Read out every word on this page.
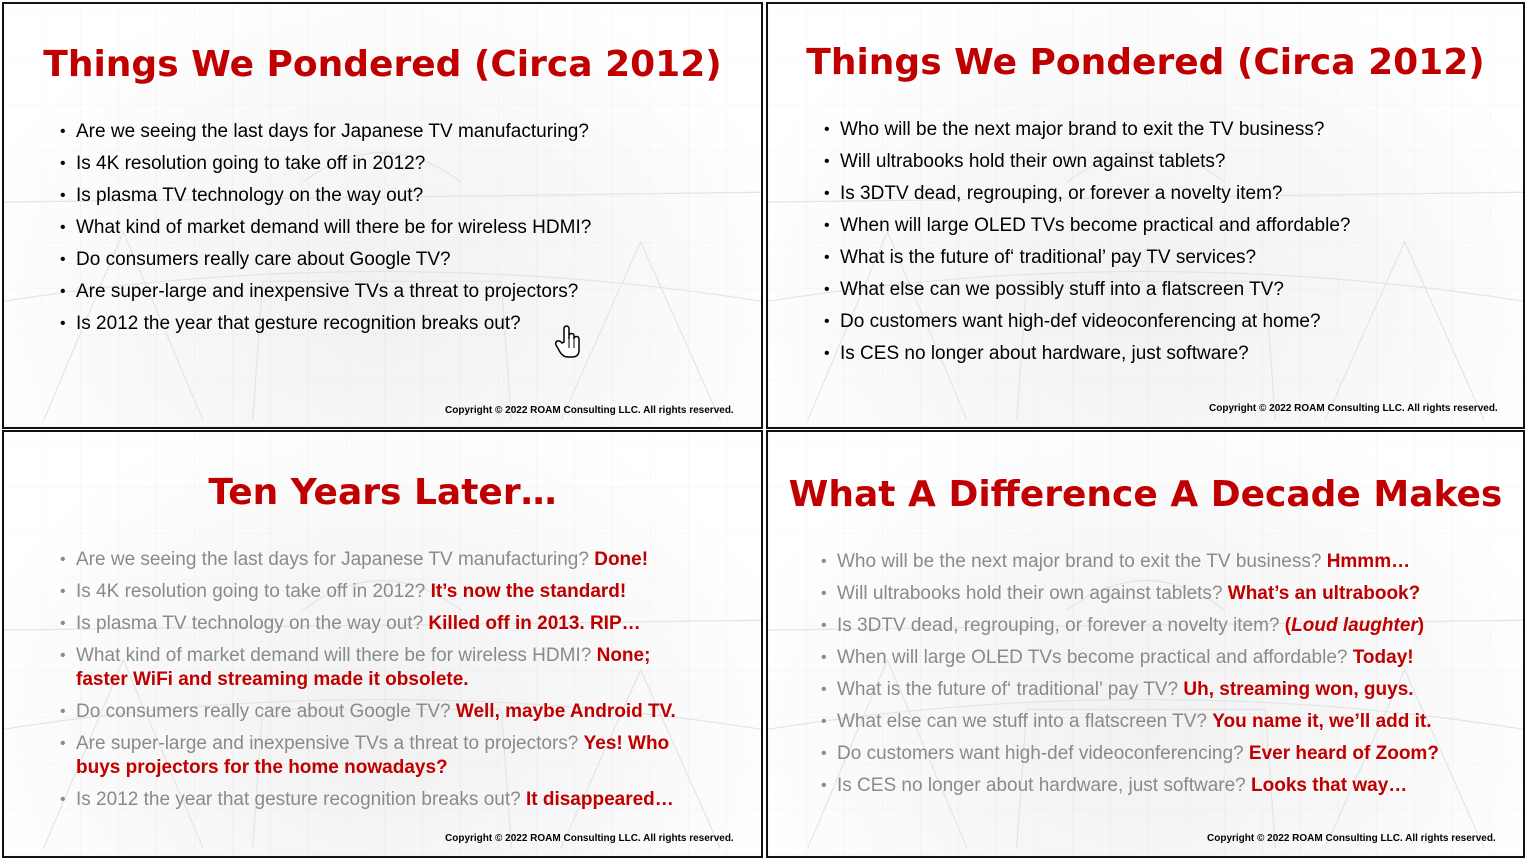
Things We Pondered (Circa 2012)
• Are we seeing the last days for Japanese TV manufacturing?
• Is 4K resolution going to take off in 2012?
• Is plasma TV technology on the way out?
• What kind of market demand will there be for wireless HDMI?
• Do consumers really care about Google TV?
• Are super-large and inexpensive TVs a threat to projectors?
• Is 2012 the year that gesture recognition breaks out?
Copyright © 2022 ROAM Consulting LLC. All rights reserved.
Things We Pondered (Circa 2012)
• Who will be the next major brand to exit the TV business?
• Will ultrabooks hold their own against tablets?
• Is 3DTV dead, regrouping, or forever a novelty item?
• When will large OLED TVs become practical and affordable?
• What is the future of‘ traditional’ pay TV services?
• What else can we possibly stuff into a flatscreen TV?
• Do customers want high-def videoconferencing at home?
• Is CES no longer about hardware, just software?
Copyright © 2022 ROAM Consulting LLC. All rights reserved.
Ten Years Later…
• Are we seeing the last days for Japanese TV manufacturing? Done!
• Is 4K resolution going to take off in 2012? It’s now the standard!
• Is plasma TV technology on the way out? Killed off in 2013. RIP…
• What kind of market demand will there be for wireless HDMI? None;
faster WiFi and streaming made it obsolete.
• Do consumers really care about Google TV? Well, maybe Android TV.
• Are super-large and inexpensive TVs a threat to projectors? Yes! Who
buys projectors for the home nowadays?
• Is 2012 the year that gesture recognition breaks out? It disappeared…
Copyright © 2022 ROAM Consulting LLC. All rights reserved.
What A Difference A Decade Makes
• Who will be the next major brand to exit the TV business? Hmmm…
• Will ultrabooks hold their own against tablets? What’s an ultrabook?
• Is 3DTV dead, regrouping, or forever a novelty item? (Loud laughter)
• When will large OLED TVs become practical and affordable? Today!
• What is the future of‘ traditional’ pay TV? Uh, streaming won, guys.
• What else can we stuff into a flatscreen TV? You name it, we’ll add it.
• Do customers want high-def videoconferencing? Ever heard of Zoom?
• Is CES no longer about hardware, just software? Looks that way…
Copyright © 2022 ROAM Consulting LLC. All rights reserved.
